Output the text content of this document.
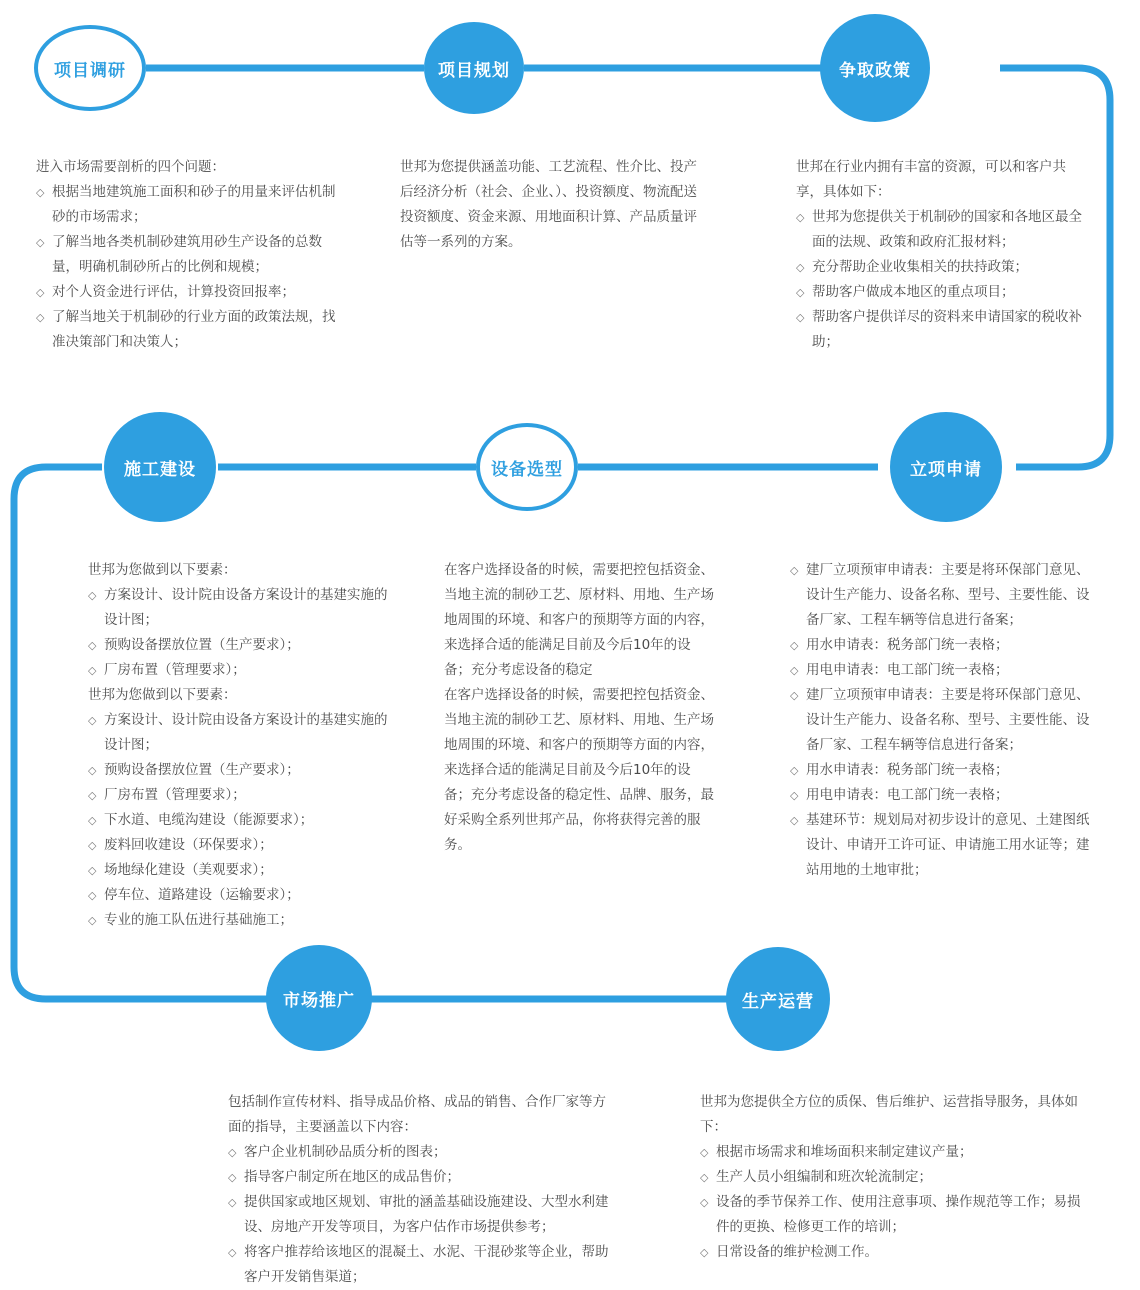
项目调研	项目规划	争取政策
立项申请
设备选型
施工建设
市场推广	生产运营

进入市场需要剖析的四个问题：

◇ 根据当地建筑施工面积和砂子的用量来评估机制砂的市场需求；
◇ 了解当地各类机制砂建筑用砂生产设备的总数量，明确机制砂所占的比例和规模；
◇ 对个人资金进行评估，计算投资回报率；
◇ 了解当地关于机制砂的行业方面的政策法规，找准决策部门和决策人；

世邦为您提供涵盖功能、工艺流程、性介比、投产后经济分析（社会、企业、）、投资额度、物流配送投资额度、资金来源、用地面积计算、产品质量评估等一系列的方案。

世邦在行业内拥有丰富的资源，可以和客户共享，具体如下：

◇ 世邦为您提供关于机制砂的国家和各地区最全面的法规、政策和政府汇报材料；
◇ 充分帮助企业收集相关的扶持政策；
◇ 帮助客户做成本地区的重点项目；
◇ 帮助客户提供详尽的资料来申请国家的税收补助；

世邦为您做到以下要素：

◇ 方案设计、设计院由设备方案设计的基建实施的设计图；
◇ 预购设备摆放位置（生产要求）；
◇ 厂房布置（管理要求）；

世邦为您做到以下要素：

◇ 方案设计、设计院由设备方案设计的基建实施的设计图；
◇ 预购设备摆放位置（生产要求）；
◇ 厂房布置（管理要求）；
◇ 下水道、电缆沟建设（能源要求）；
◇ 废料回收建设（环保要求）；
◇ 场地绿化建设（美观要求）；
◇ 停车位、道路建设（运输要求）；
◇ 专业的施工队伍进行基础施工；

在客户选择设备的时候，需要把控包括资金、当地主流的制砂工艺、原材料、用地、生产场地周围的环境、和客户的预期等方面的内容，来选择合适的能满足目前及今后10年的设备；充分考虑设备的稳定

在客户选择设备的时候，需要把控包括资金、当地主流的制砂工艺、原材料、用地、生产场地周围的环境、和客户的预期等方面的内容，来选择合适的能满足目前及今后10年的设备；充分考虑设备的稳定性、品牌、服务，最好采购全系列世邦产品，你将获得完善的服务。

◇ 建厂立项预审申请表：主要是将环保部门意见、设计生产能力、设备名称、型号、主要性能、设备厂家、工程车辆等信息进行备案；
◇ 用水申请表：税务部门统一表格；
◇ 用电申请表：电工部门统一表格；
◇ 建厂立项预审申请表：主要是将环保部门意见、设计生产能力、设备名称、型号、主要性能、设备厂家、工程车辆等信息进行备案；
◇ 用水申请表：税务部门统一表格；
◇ 用电申请表：电工部门统一表格；
◇ 基建环节：规划局对初步设计的意见、土建图纸设计、申请开工许可证、申请施工用水证等；建站用地的土地审批；

包括制作宣传材料、指导成品价格、成品的销售、合作厂家等方面的指导，主要涵盖以下内容：

◇ 客户企业机制砂品质分析的图表；
◇ 指导客户制定所在地区的成品售价；
◇ 提供国家或地区规划、审批的涵盖基础设施建设、大型水利建设、房地产开发等项目，为客户估作市场提供参考；
◇ 将客户推荐给该地区的混凝土、水泥、干混砂浆等企业，帮助客户开发销售渠道；

世邦为您提供全方位的质保、售后维护、运营指导服务，具体如下：

◇ 根据市场需求和堆场面积来制定建议产量；
◇ 生产人员小组编制和班次轮流制定；
◇ 设备的季节保养工作、使用注意事项、操作规范等工作；易损件的更换、检修更工作的培训；
◇ 日常设备的维护检测工作。
